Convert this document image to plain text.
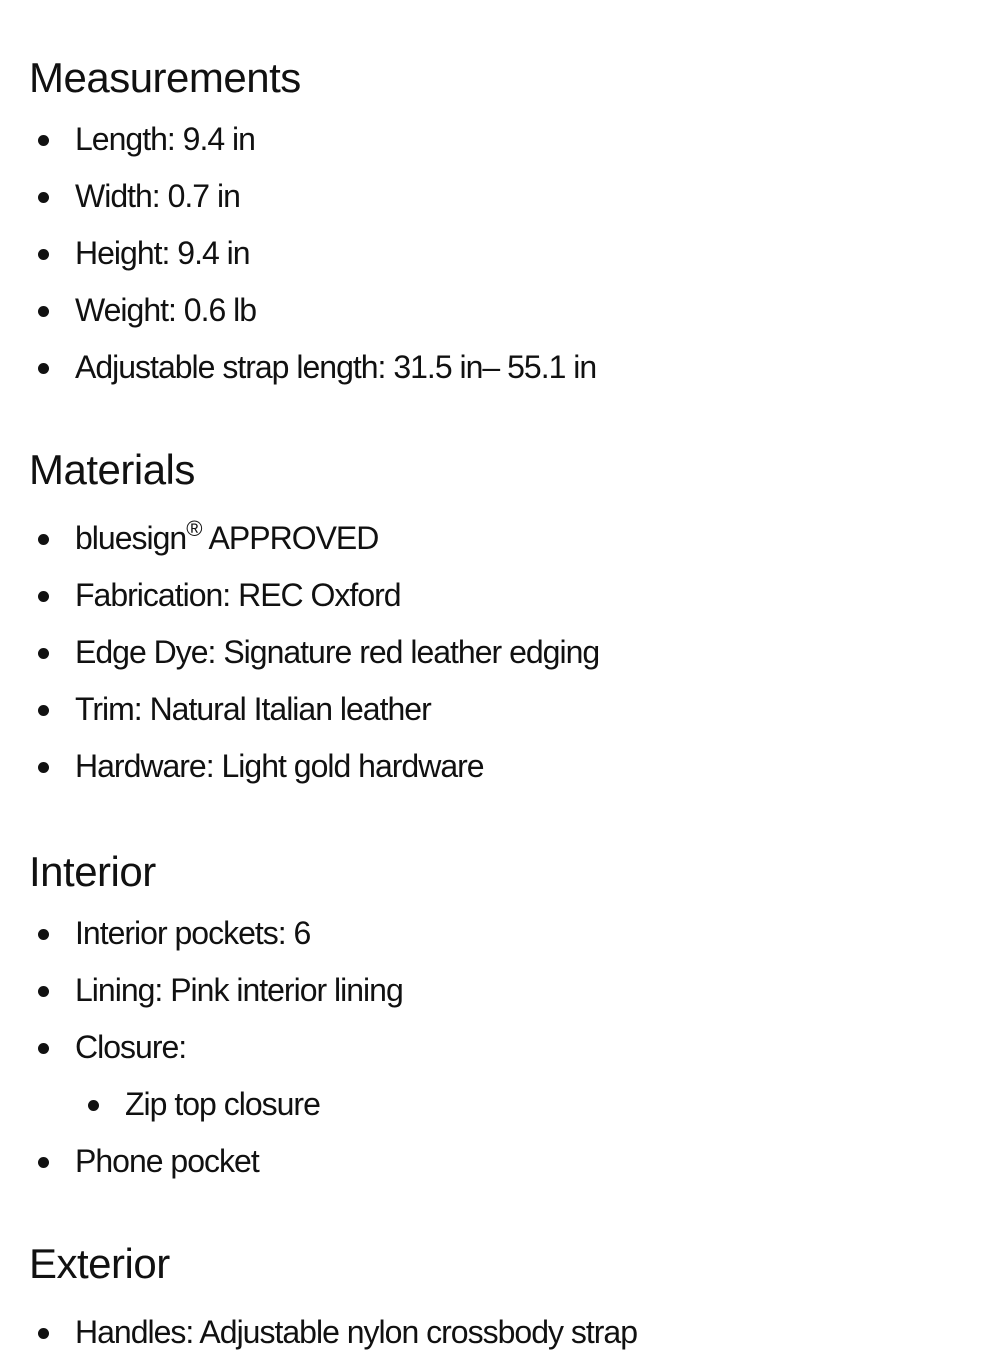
Measurements
Length: 9.4 in
Width: 0.7 in
Height: 9.4 in
Weight: 0.6 lb
Adjustable strap length: 31.5 in– 55.1 in
Materials
bluesign® APPROVED
Fabrication: REC Oxford
Edge Dye: Signature red leather edging
Trim: Natural Italian leather
Hardware: Light gold hardware
Interior
Interior pockets: 6
Lining: Pink interior lining
Closure:
Zip top closure
Phone pocket
Exterior
Handles: Adjustable nylon crossbody strap
